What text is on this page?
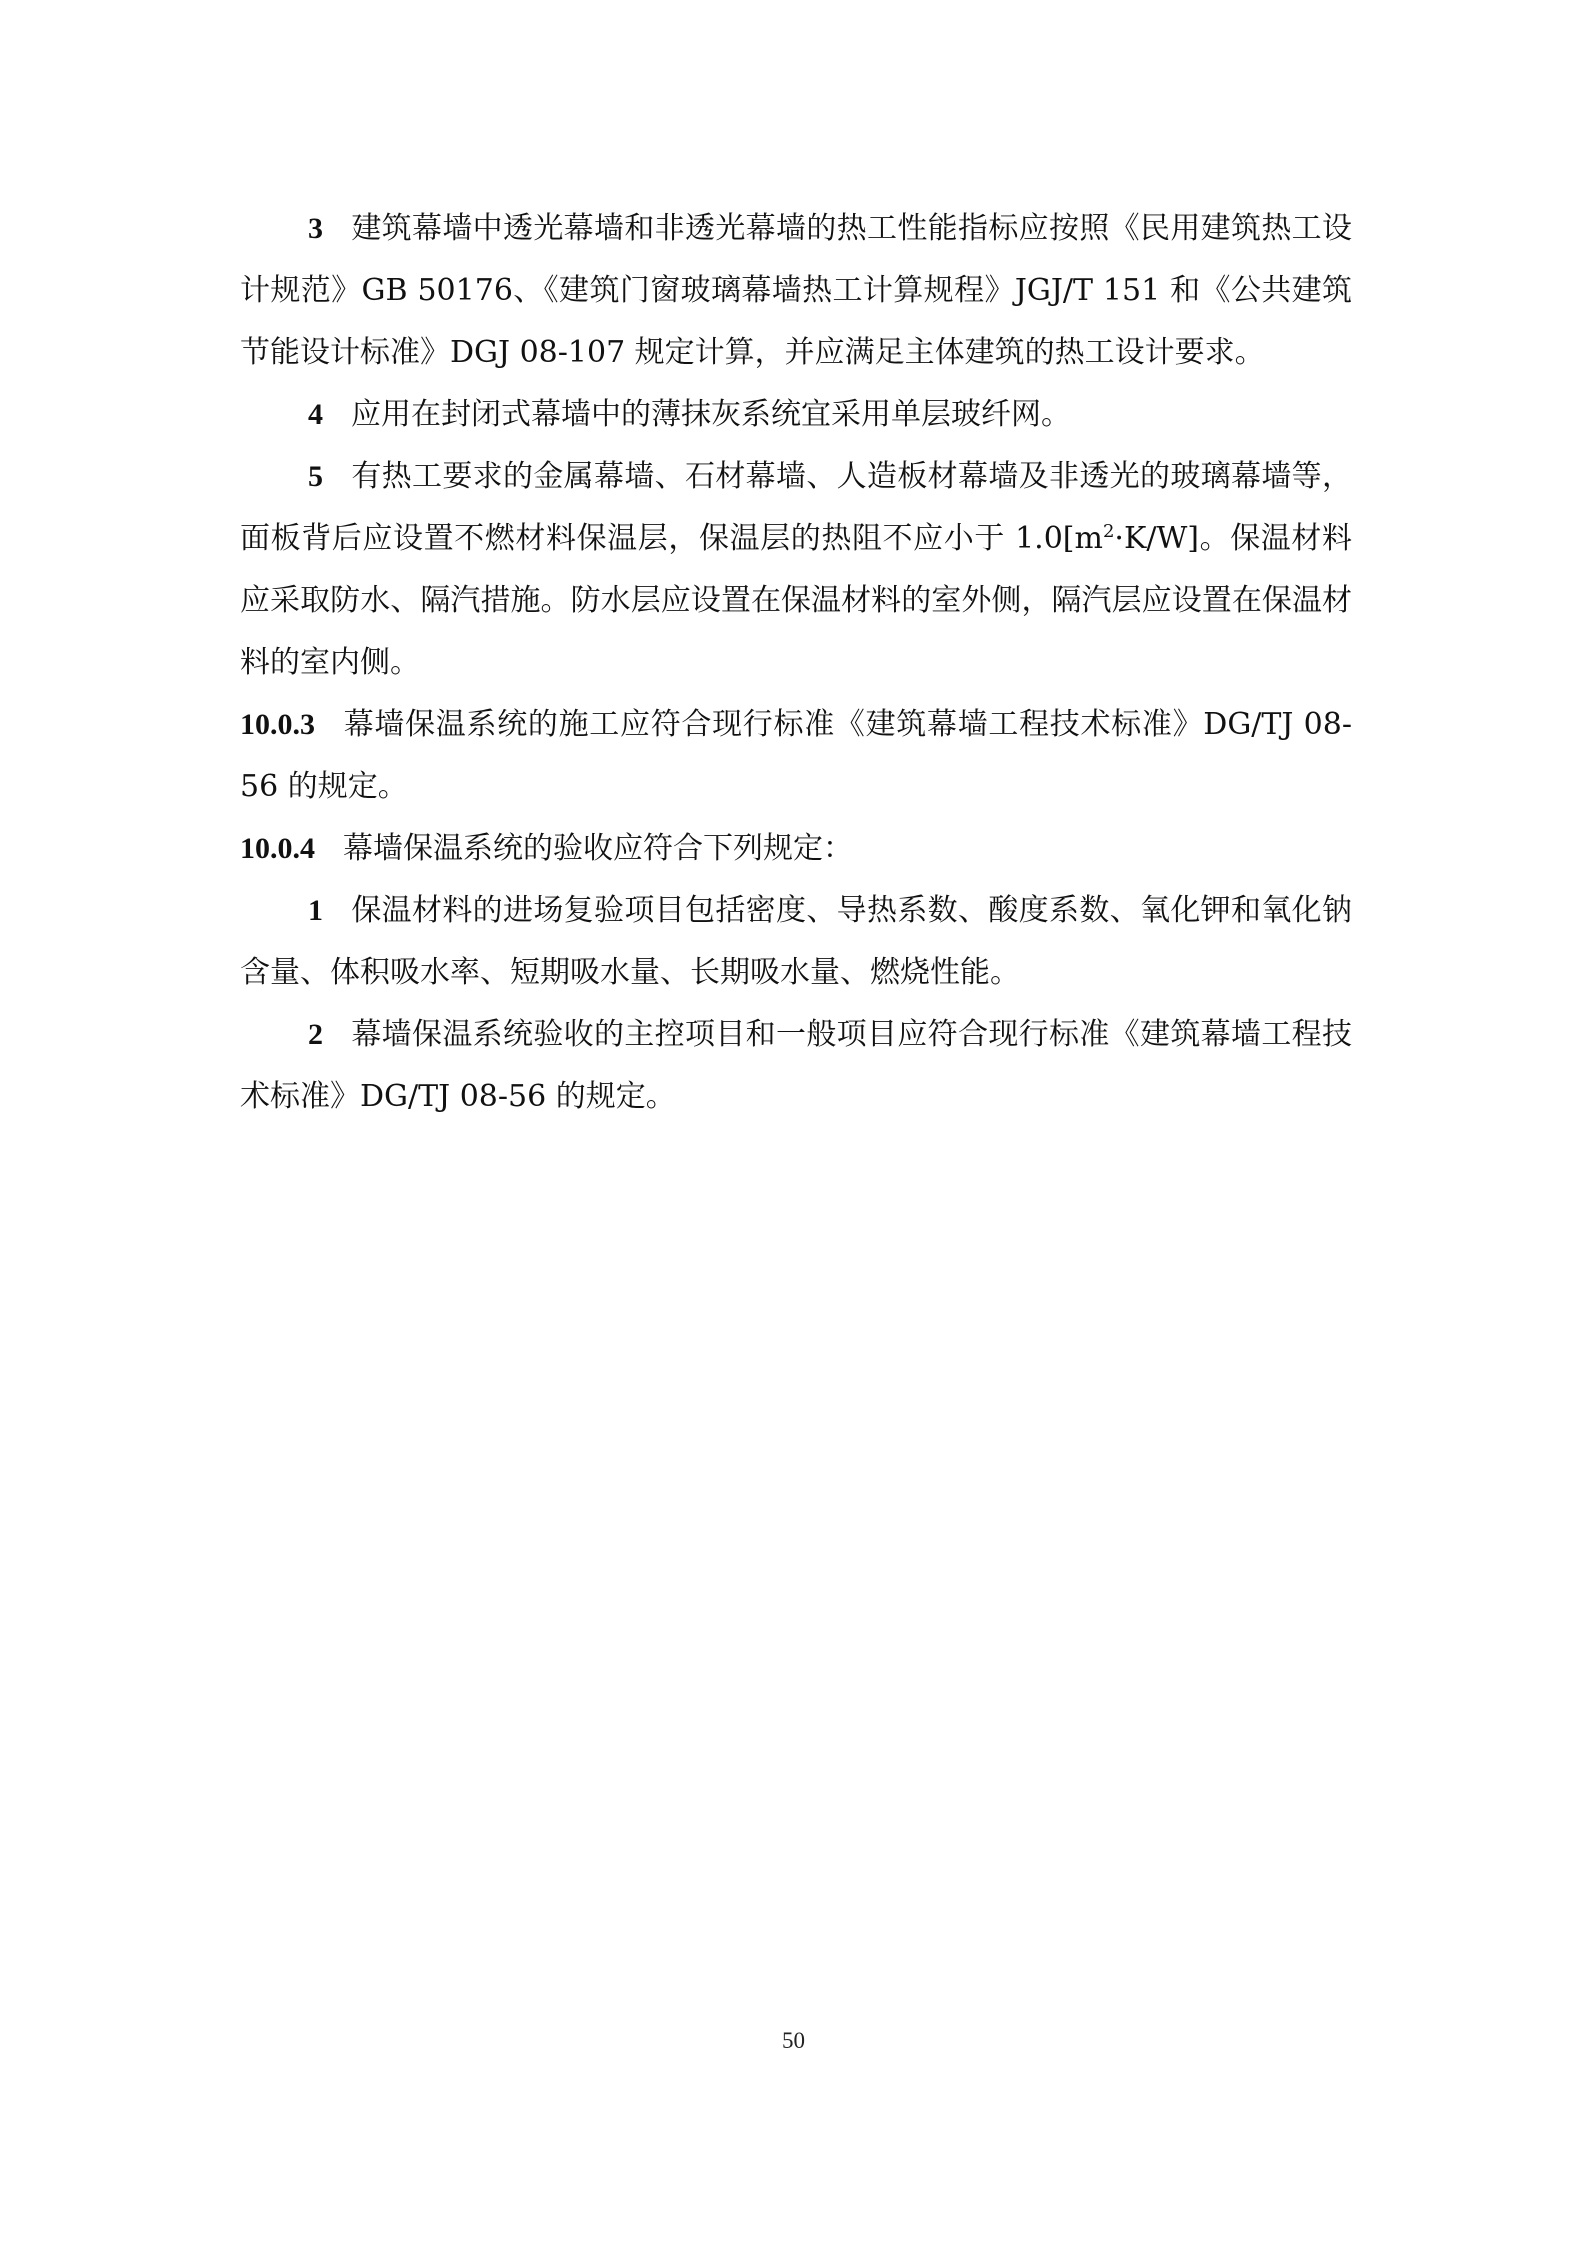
3 建筑幕墙中透光幕墙和非透光幕墙的热工性能指标应按照《民用建筑热工设计规范》GB 50176、《建筑门窗玻璃幕墙热工计算规程》JGJ/T 151 和《公共建筑节能设计标准》DGJ 08-107 规定计算，并应满足主体建筑的热工设计要求。

4 应用在封闭式幕墙中的薄抹灰系统宜采用单层玻纤网。

5 有热工要求的金属幕墙、石材幕墙、人造板材幕墙及非透光的玻璃幕墙等，面板背后应设置不燃材料保温层，保温层的热阻不应小于 $1.0[m^2\cdot K/W]$。保温材料应采取防水、隔汽措施。防水层应设置在保温材料的室外侧，隔汽层应设置在保温材料的室内侧。

10.0.3 幕墙保温系统的施工应符合现行标准《建筑幕墙工程技术标准》DG/TJ 08-56 的规定。

10.0.4 幕墙保温系统的验收应符合下列规定：

1 保温材料的进场复验项目包括密度、导热系数、酸度系数、氧化钾和氧化钠含量、体积吸水率、短期吸水量、长期吸水量、燃烧性能。

2 幕墙保温系统验收的主控项目和一般项目应符合现行标准《建筑幕墙工程技术标准》DG/TJ 08-56 的规定。

50
